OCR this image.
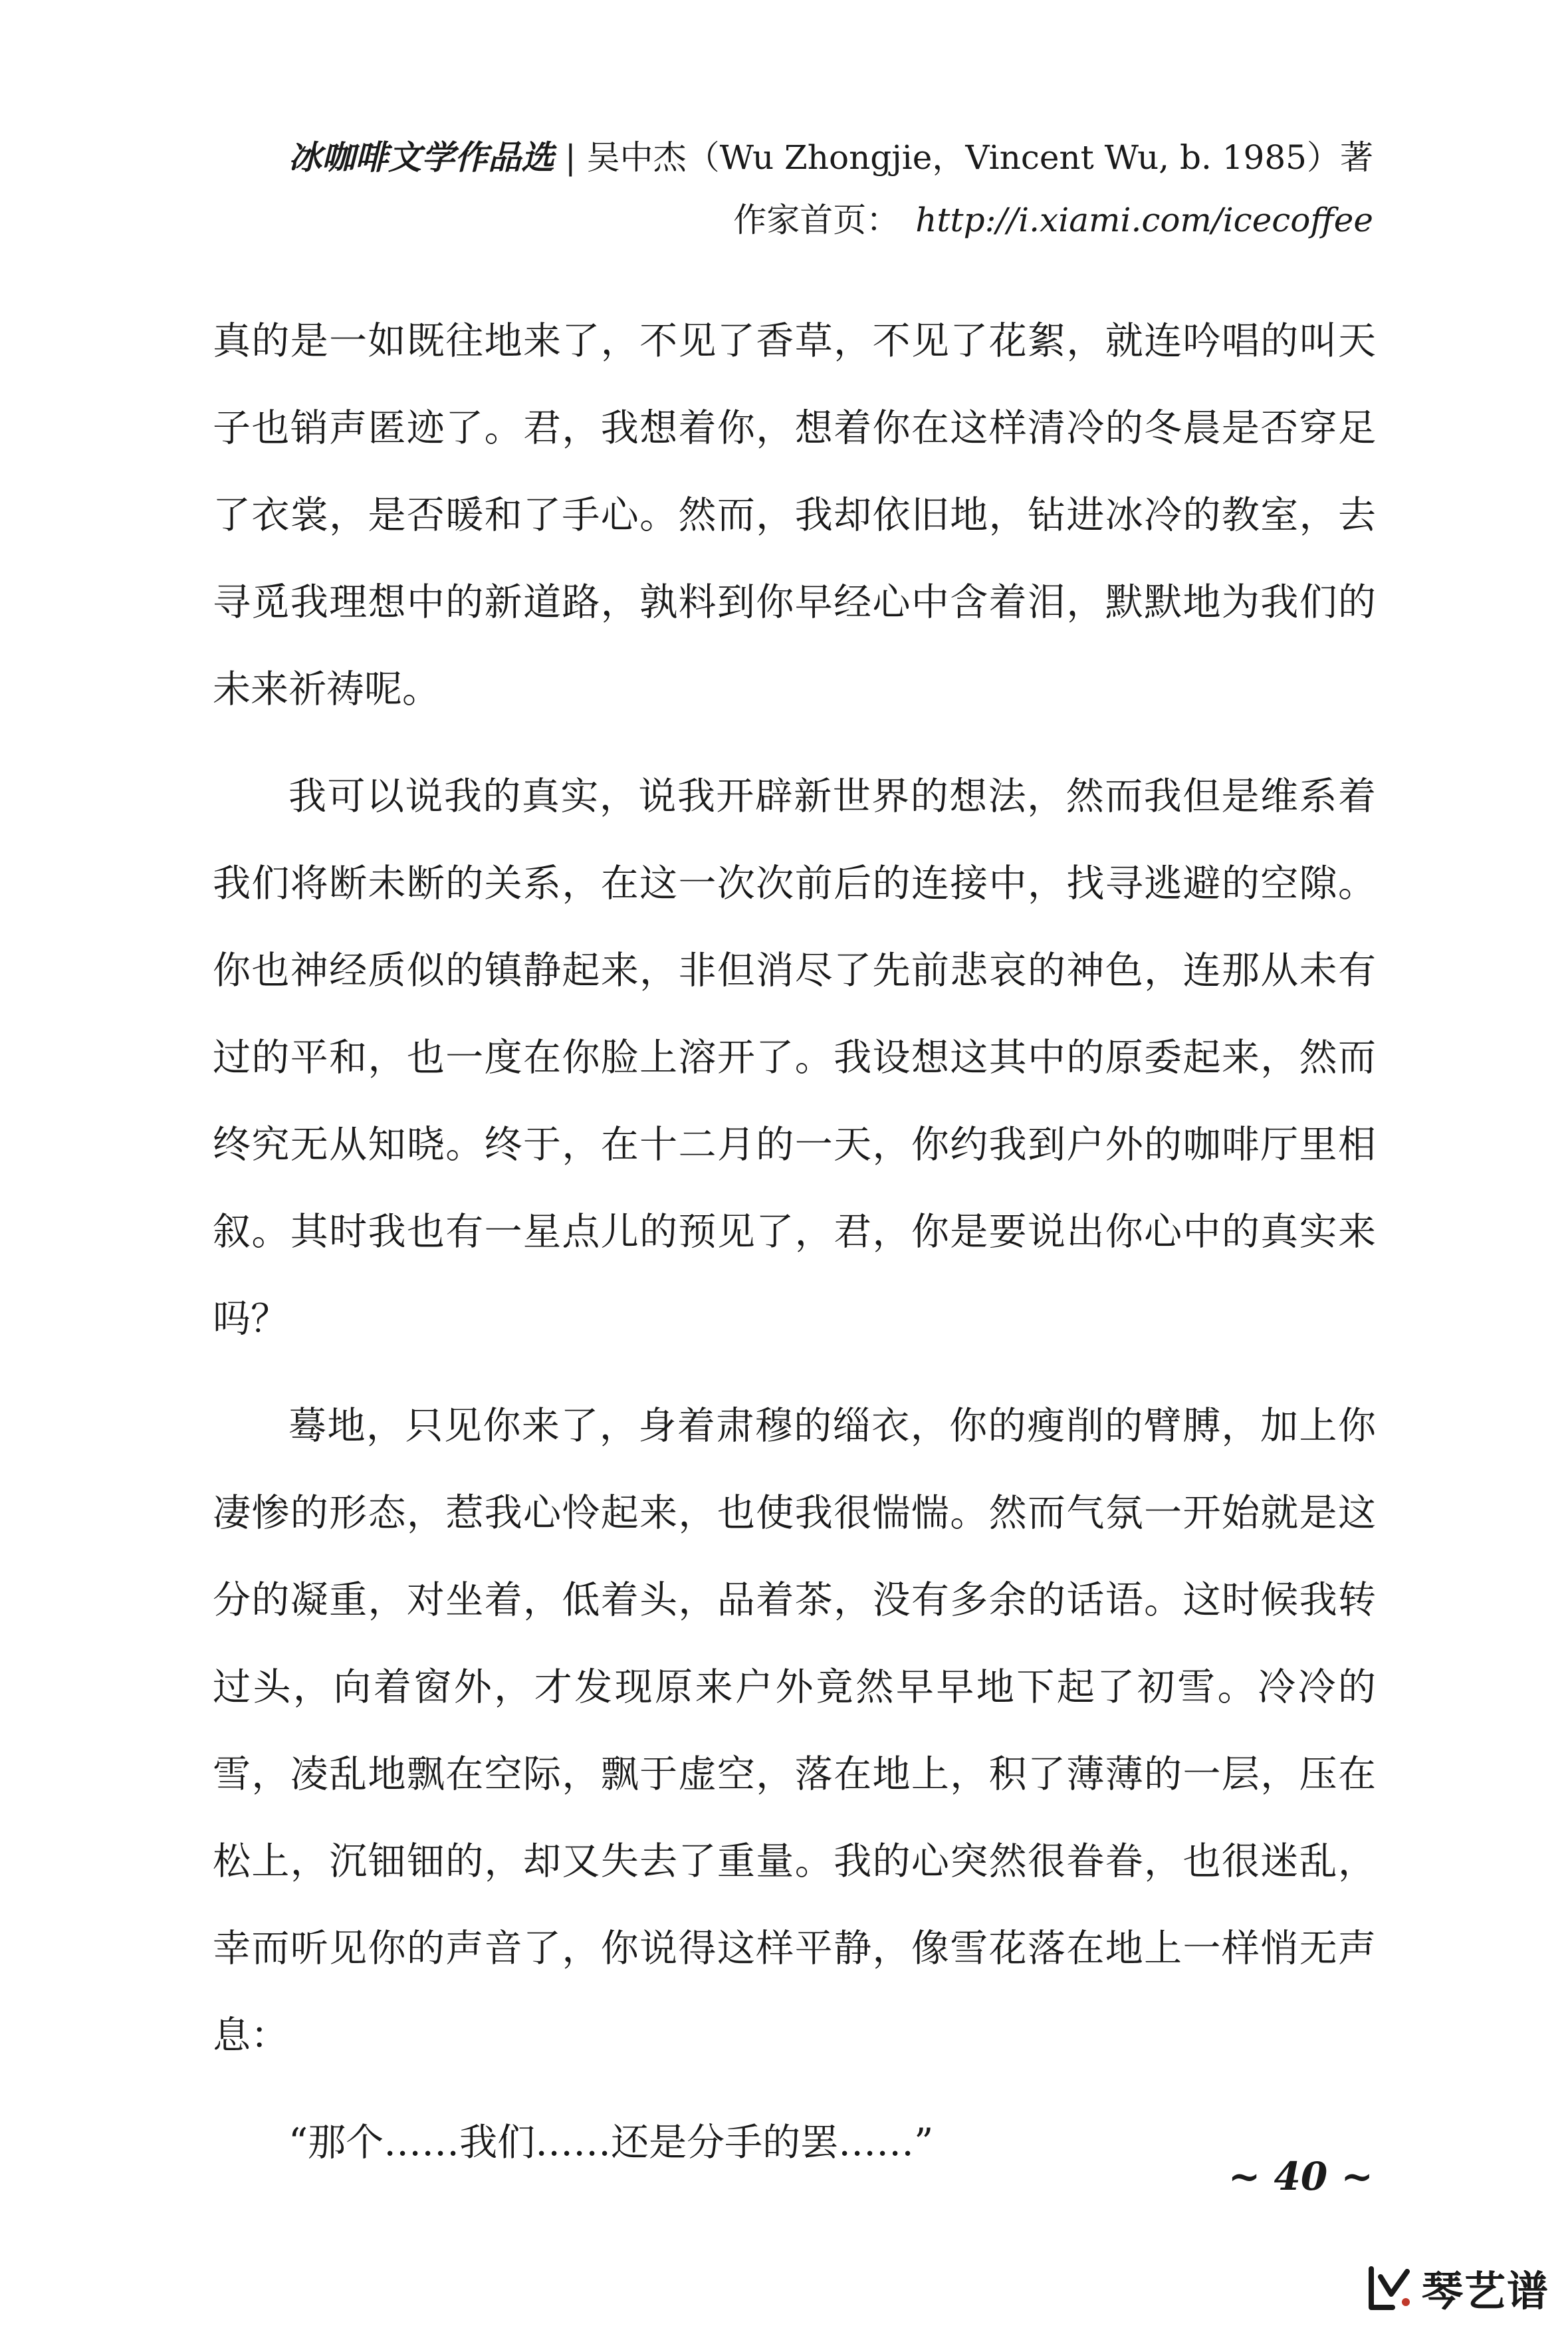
冰咖啡文学作品选 | 吴中杰（Wu Zhongjie，Vincent Wu, b. 1985）著
作家首页： http://i.xiami.com/icecoffee

真的是一如既往地来了，不见了香草，不见了花絮，就连吟唱的叫天子也销声匿迹了。君，我想着你，想着你在这样清冷的冬晨是否穿足了衣裳，是否暖和了手心。然而，我却依旧地，钻进冰冷的教室，去寻觅我理想中的新道路，孰料到你早经心中含着泪，默默地为我们的未来祈祷呢。

我可以说我的真实，说我开辟新世界的想法，然而我但是维系着我们将断未断的关系，在这一次次前后的连接中，找寻逃避的空隙。你也神经质似的镇静起来，非但消尽了先前悲哀的神色，连那从未有过的平和，也一度在你脸上溶开了。我设想这其中的原委起来，然而终究无从知晓。终于，在十二月的一天，你约我到户外的咖啡厅里相叙。其时我也有一星点儿的预见了，君，你是要说出你心中的真实来吗？

蓦地，只见你来了，身着肃穆的缁衣，你的瘦削的臂膊，加上你凄惨的形态，惹我心怜起来，也使我很惴惴。然而气氛一开始就是这分的凝重，对坐着，低着头，品着茶，没有多余的话语。这时候我转过头，向着窗外，才发现原来户外竟然早早地下起了初雪。冷冷的雪，凌乱地飘在空际，飘于虚空，落在地上，积了薄薄的一层，压在松上，沉钿钿的，却又失去了重量。我的心突然很眷眷，也很迷乱，幸而听见你的声音了，你说得这样平静，像雪花落在地上一样悄无声息：

“那个……我们……还是分手的罢……”

~ 40 ~
琴艺谱
